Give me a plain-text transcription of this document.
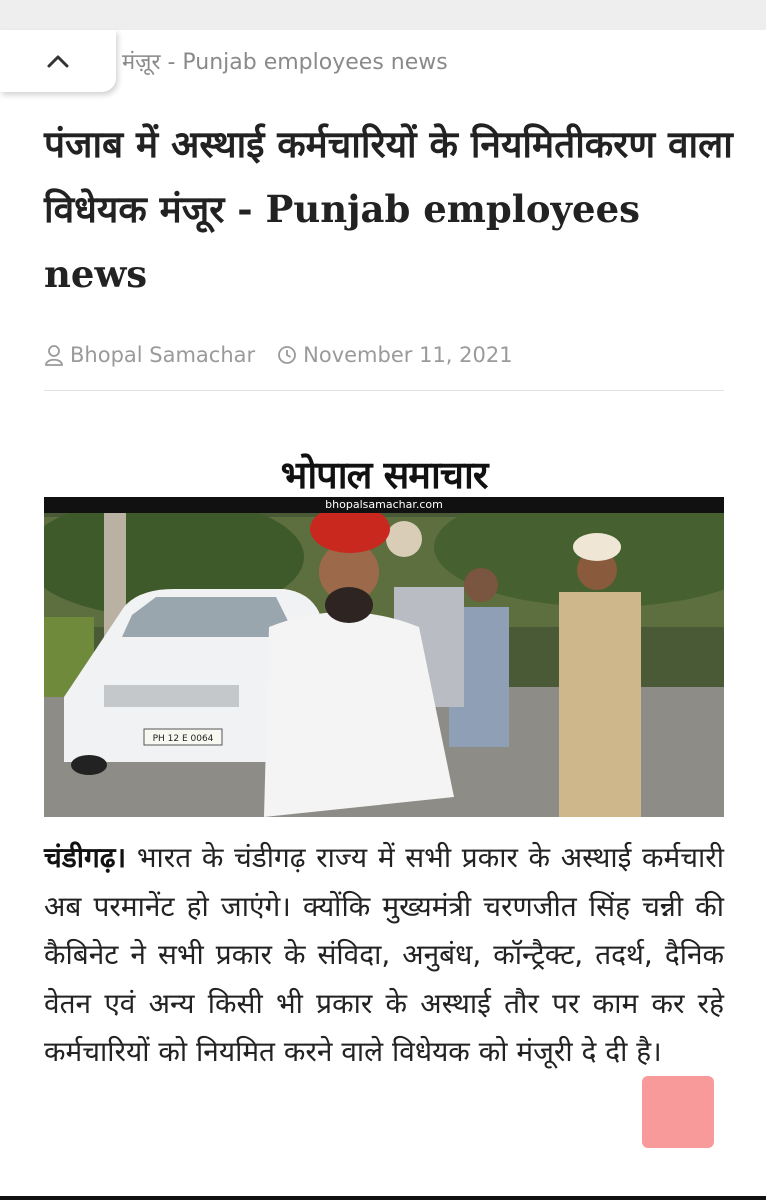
मंज़ूर - Punjab employees news
पंजाब में अस्थाई कर्मचारियों के नियमितीकरण वाला विधेयक मंजूर - Punjab employees news
Bhopal Samachar November 11, 2021
भोपाल समाचार
PH 12 E 0064
bhopalsamachar.com

चंडीगढ़। भारत के चंडीगढ़ राज्य में सभी प्रकार के अस्थाई कर्मचारी अब परमानेंट हो जाएंगे। क्योंकि मुख्यमंत्री चरणजीत सिंह चन्नी की कैबिनेट ने सभी प्रकार के संविदा, अनुबंध, कॉन्ट्रैक्ट, तदर्थ, दैनिक वेतन एवं अन्य किसी भी प्रकार के अस्थाई तौर पर काम कर रहे कर्मचारियों को नियमित करने वाले विधेयक को मंजूरी दे दी है।
